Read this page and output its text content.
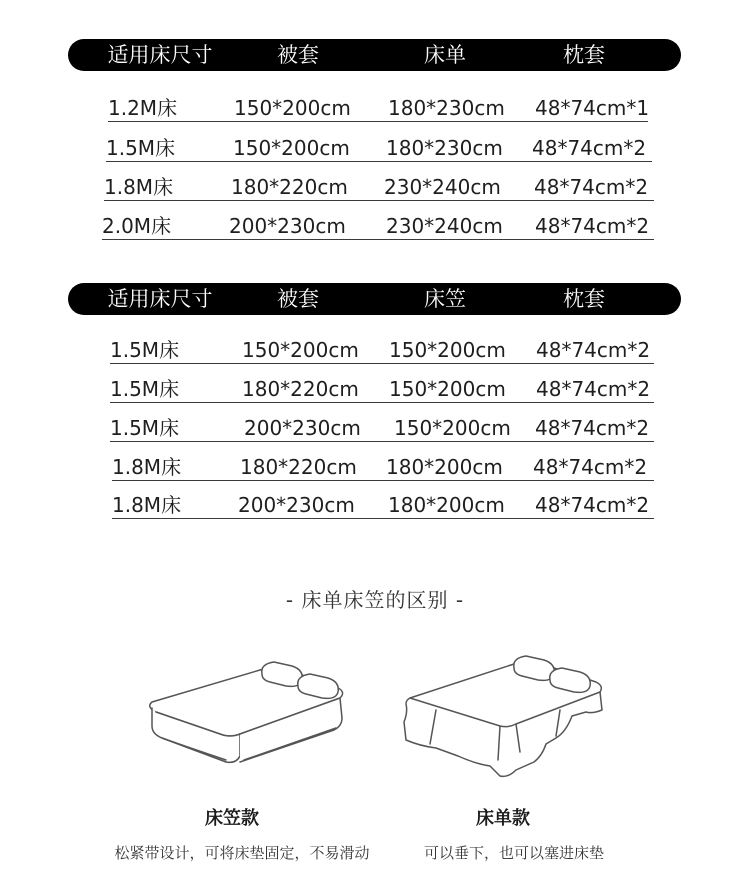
适用床尺寸	被套	床单	枕套
1.2M床	150*200cm 180*230cm 48*74cm*1
1.5M床	150*200cm 180*230cm 48*74cm*2
1.8M床	180*220cm 230*240cm 48*74cm*2
2.0M床	200*230cm 230*240cm 48*74cm*2
适用床尺寸	被套	床笠	枕套
1.5M床	150*200cm 150*200cm 48*74cm*2
1.5M床	180*220cm 150*200cm 48*74cm*2
1.5M床	200*230cm 150*200cm 48*74cm*2
1.8M床	180*220cm 180*200cm 48*74cm*2
1.8M床	200*230cm 180*200cm 48*74cm*2
- 床单床笠的区别 -
床笠款
松紧带设计，可将床垫固定，不易滑动
床单款
可以垂下，也可以塞进床垫
